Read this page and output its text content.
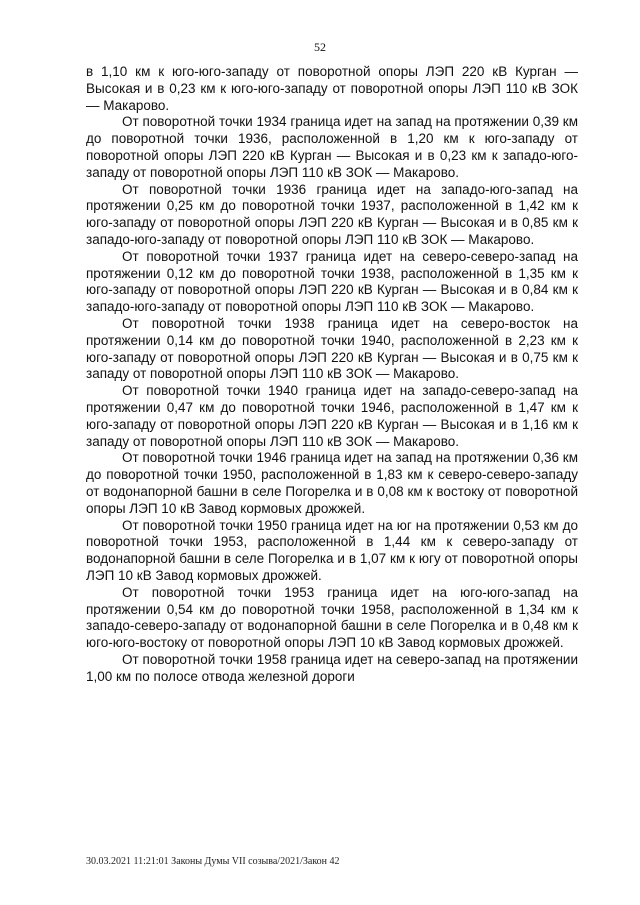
52

в 1,10 км к юго-юго-западу от поворотной опоры ЛЭП 220 кВ Курган — Высокая и в 0,23 км к юго-юго-западу от поворотной опоры ЛЭП 110 кВ ЗОК — Макарово.

От поворотной точки 1934 граница идет на запад на протяжении 0,39 км до поворотной точки 1936, расположенной в 1,20 км к юго-западу от поворотной опоры ЛЭП 220 кВ Курган — Высокая и в 0,23 км к западо-юго-западу от поворотной опоры ЛЭП 110 кВ ЗОК — Макарово.

От поворотной точки 1936 граница идет на западо-юго-запад на протяжении 0,25 км до поворотной точки 1937, расположенной в 1,42 км к юго-западу от поворотной опоры ЛЭП 220 кВ Курган — Высокая и в 0,85 км к западо-юго-западу от поворотной опоры ЛЭП 110 кВ ЗОК — Макарово.

От поворотной точки 1937 граница идет на северо-северо-запад на протяжении 0,12 км до поворотной точки 1938, расположенной в 1,35 км к юго-западу от поворотной опоры ЛЭП 220 кВ Курган — Высокая и в 0,84 км к западо-юго-западу от поворотной опоры ЛЭП 110 кВ ЗОК — Макарово.

От поворотной точки 1938 граница идет на северо-восток на протяжении 0,14 км до поворотной точки 1940, расположенной в 2,23 км к юго-западу от поворотной опоры ЛЭП 220 кВ Курган — Высокая и в 0,75 км к западу от поворотной опоры ЛЭП 110 кВ ЗОК — Макарово.

От поворотной точки 1940 граница идет на западо-северо-запад на протяжении 0,47 км до поворотной точки 1946, расположенной в 1,47 км к юго-западу от поворотной опоры ЛЭП 220 кВ Курган — Высокая и в 1,16 км к западу от поворотной опоры ЛЭП 110 кВ ЗОК — Макарово.

От поворотной точки 1946 граница идет на запад на протяжении 0,36 км до поворотной точки 1950, расположенной в 1,83 км к северо-северо-западу от водонапорной башни в селе Погорелка и в 0,08 км к востоку от поворотной опоры ЛЭП 10 кВ Завод кормовых дрожжей.

От поворотной точки 1950 граница идет на юг на протяжении 0,53 км до поворотной точки 1953, расположенной в 1,44 км к северо-западу от водонапорной башни в селе Погорелка и в 1,07 км к югу от поворотной опоры ЛЭП 10 кВ Завод кормовых дрожжей.

От поворотной точки 1953 граница идет на юго-юго-запад на протяжении 0,54 км до поворотной точки 1958, расположенной в 1,34 км к западо-северо-западу от водонапорной башни в селе Погорелка и в 0,48 км к юго-юго-востоку от поворотной опоры ЛЭП 10 кВ Завод кормовых дрожжей.

От поворотной точки 1958 граница идет на северо-запад на протяжении 1,00 км по полосе отвода железной дороги

30.03.2021 11:21:01 Законы Думы VII созыва/2021/Закон 42
